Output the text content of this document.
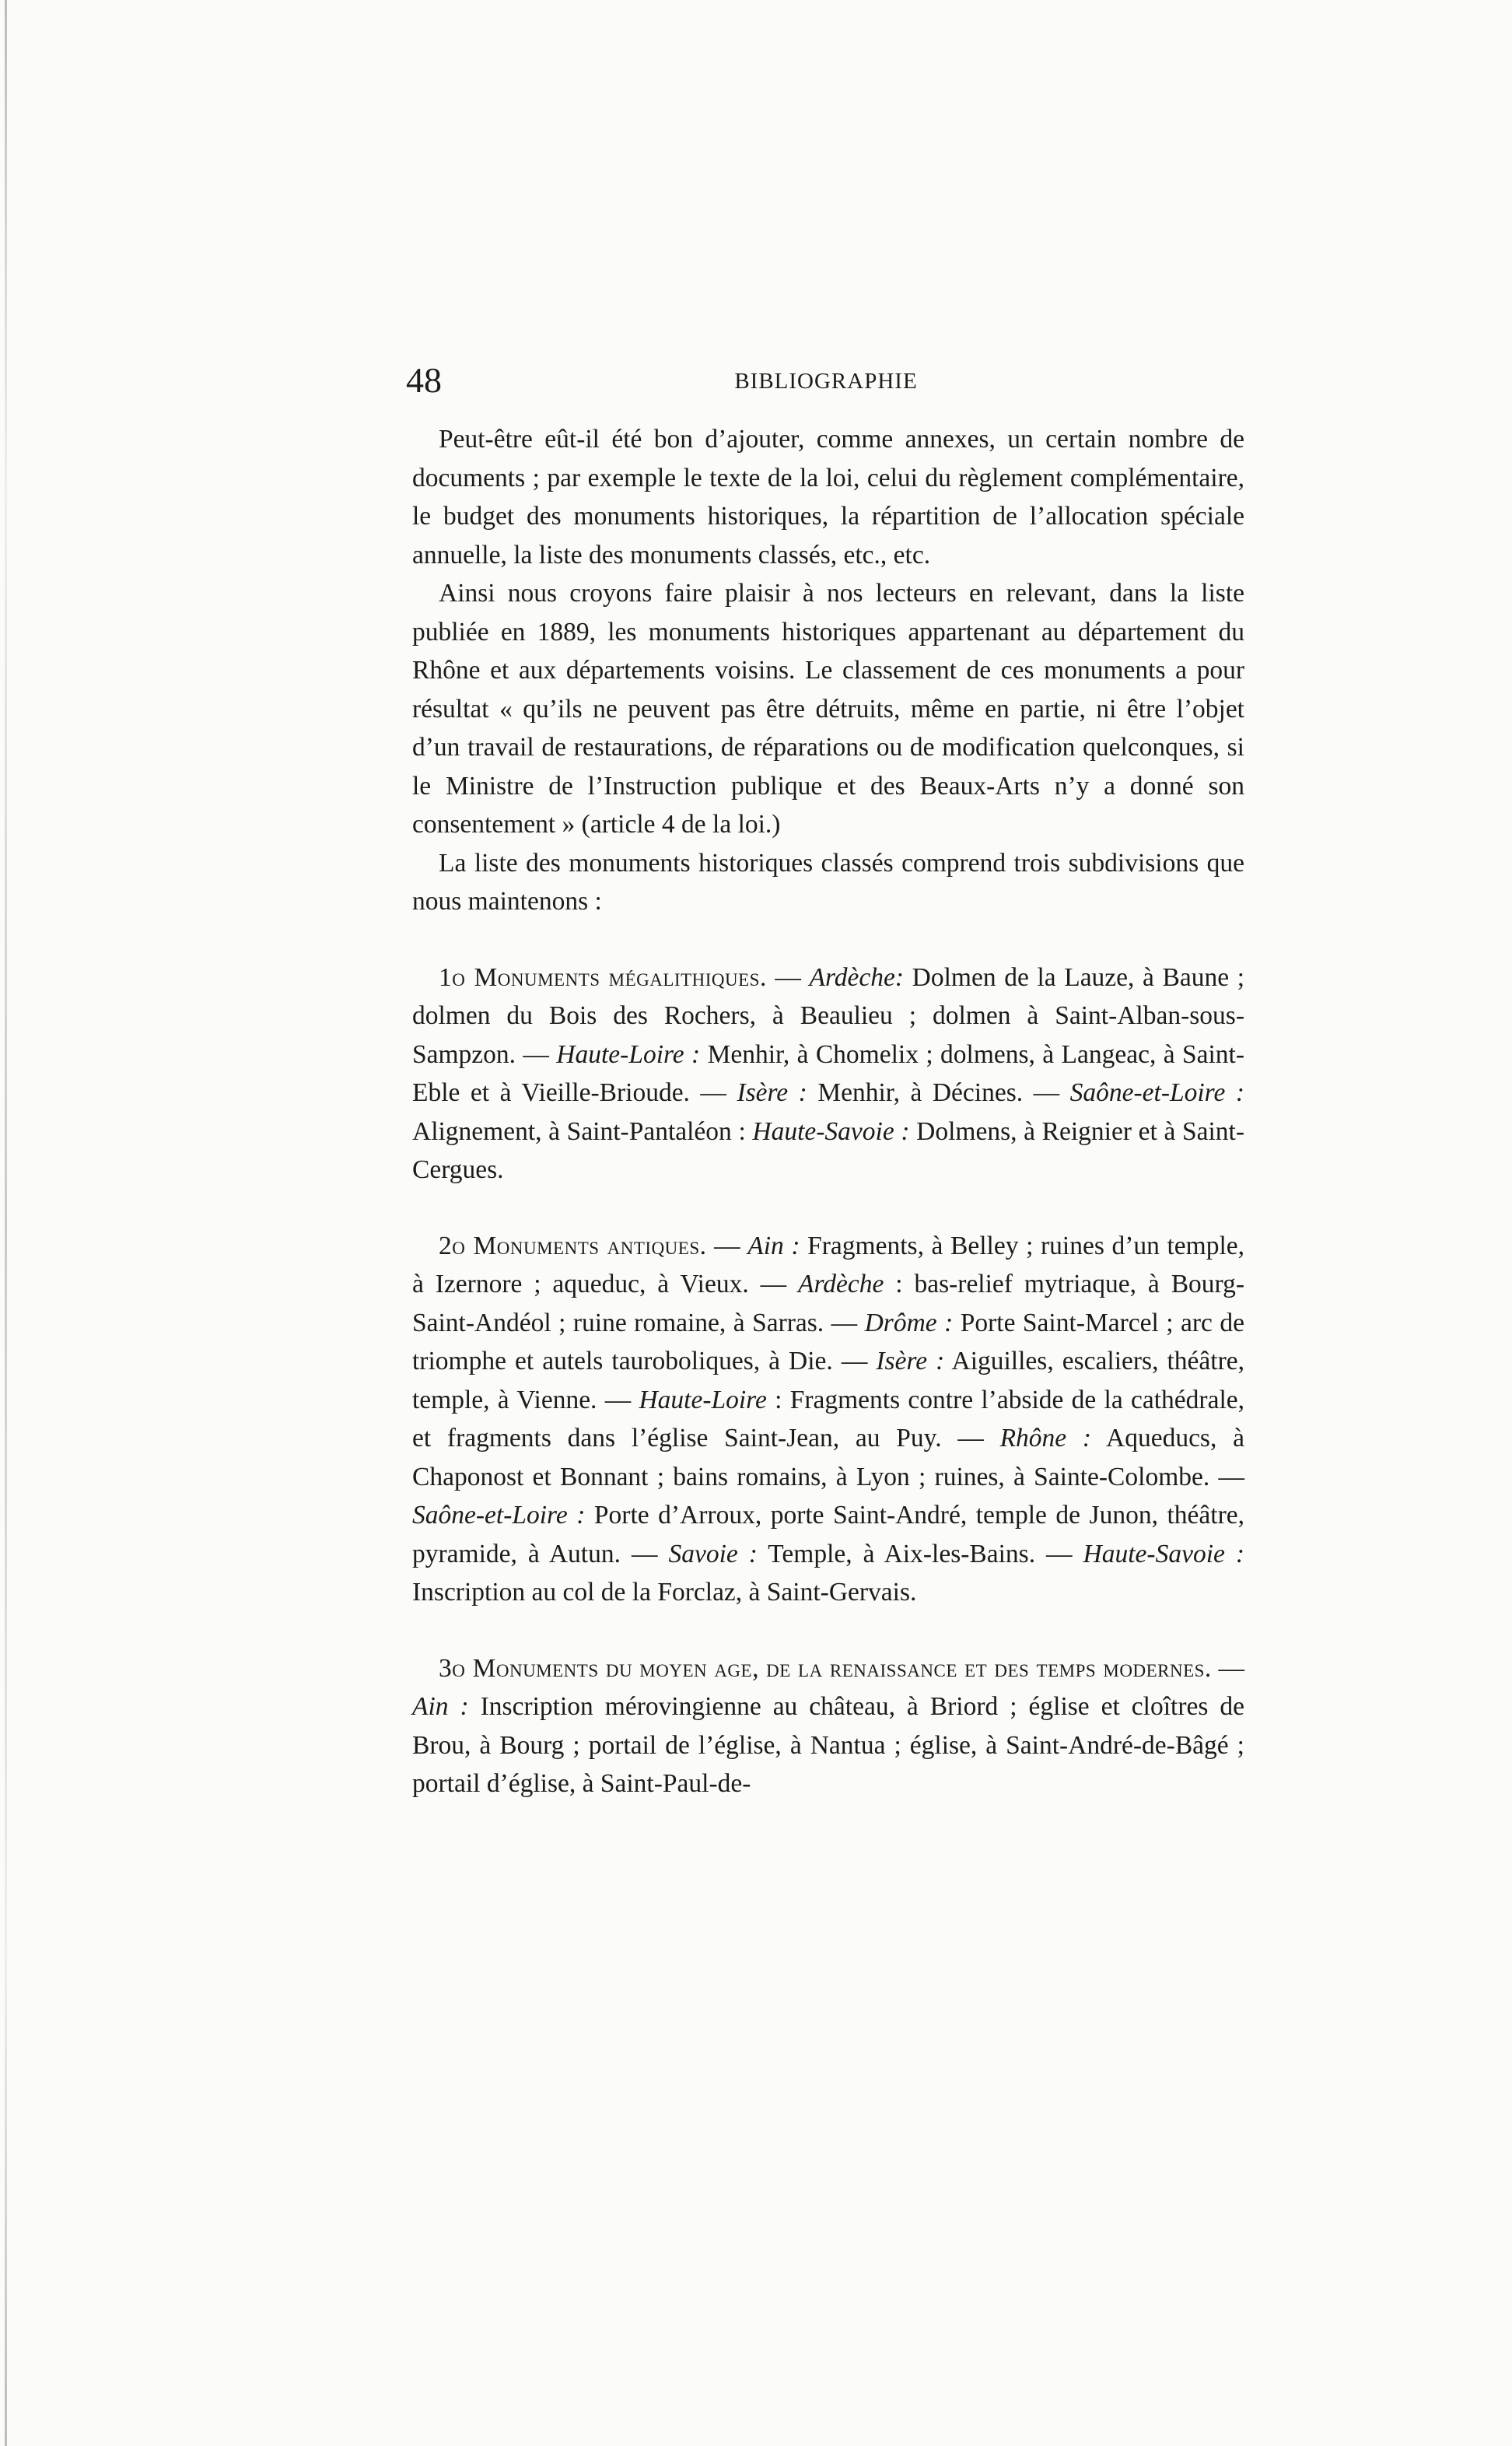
48	BIBLIOGRAPHIE

Peut-être eût-il été bon d’ajouter, comme annexes, un certain nombre de documents ; par exemple le texte de la loi, celui du règlement complémentaire, le budget des monuments historiques, la répartition de l’allocation spéciale annuelle, la liste des monuments classés, etc., etc.

Ainsi nous croyons faire plaisir à nos lecteurs en relevant, dans la liste publiée en 1889, les monuments historiques appartenant au département du Rhône et aux départements voisins. Le classement de ces monuments a pour résultat « qu’ils ne peuvent pas être détruits, même en partie, ni être l’objet d’un travail de restaurations, de réparations ou de modification quelconques, si le Ministre de l’Instruction publique et des Beaux-Arts n’y a donné son consentement » (article 4 de la loi.)

La liste des monuments historiques classés comprend trois subdivisions que nous maintenons :

1o Monuments mégalithiques. — Ardèche: Dolmen de la Lauze, à Baune ; dolmen du Bois des Rochers, à Beaulieu ; dolmen à Saint-Alban-sous-Sampzon. — Haute-Loire : Menhir, à Chomelix ; dolmens, à Langeac, à Saint-Eble et à Vieille-Brioude. — Isère : Menhir, à Décines. — Saône-et-Loire : Alignement, à Saint-Pantaléon : Haute-Savoie : Dolmens, à Reignier et à Saint-Cergues.

2o Monuments antiques. — Ain : Fragments, à Belley ; ruines d’un temple, à Izernore ; aqueduc, à Vieux. — Ardèche : bas-relief mytriaque, à Bourg-Saint-Andéol ; ruine romaine, à Sarras. — Drôme : Porte Saint-Marcel ; arc de triomphe et autels tauroboliques, à Die. — Isère : Aiguilles, escaliers, théâtre, temple, à Vienne. — Haute-Loire : Fragments contre l’abside de la cathédrale, et fragments dans l’église Saint-Jean, au Puy. — Rhône : Aqueducs, à Chaponost et Bonnant ; bains romains, à Lyon ; ruines, à Sainte-Colombe. — Saône-et-Loire : Porte d’Arroux, porte Saint-André, temple de Junon, théâtre, pyramide, à Autun. — Savoie : Temple, à Aix-les-Bains. — Haute-Savoie : Inscription au col de la Forclaz, à Saint-Gervais.

3o Monuments du moyen age, de la renaissance et des temps modernes. — Ain : Inscription mérovingienne au château, à Briord ; église et cloîtres de Brou, à Bourg ; portail de l’église, à Nantua ; église, à Saint-André-de-Bâgé ; portail d’église, à Saint-Paul-de-
